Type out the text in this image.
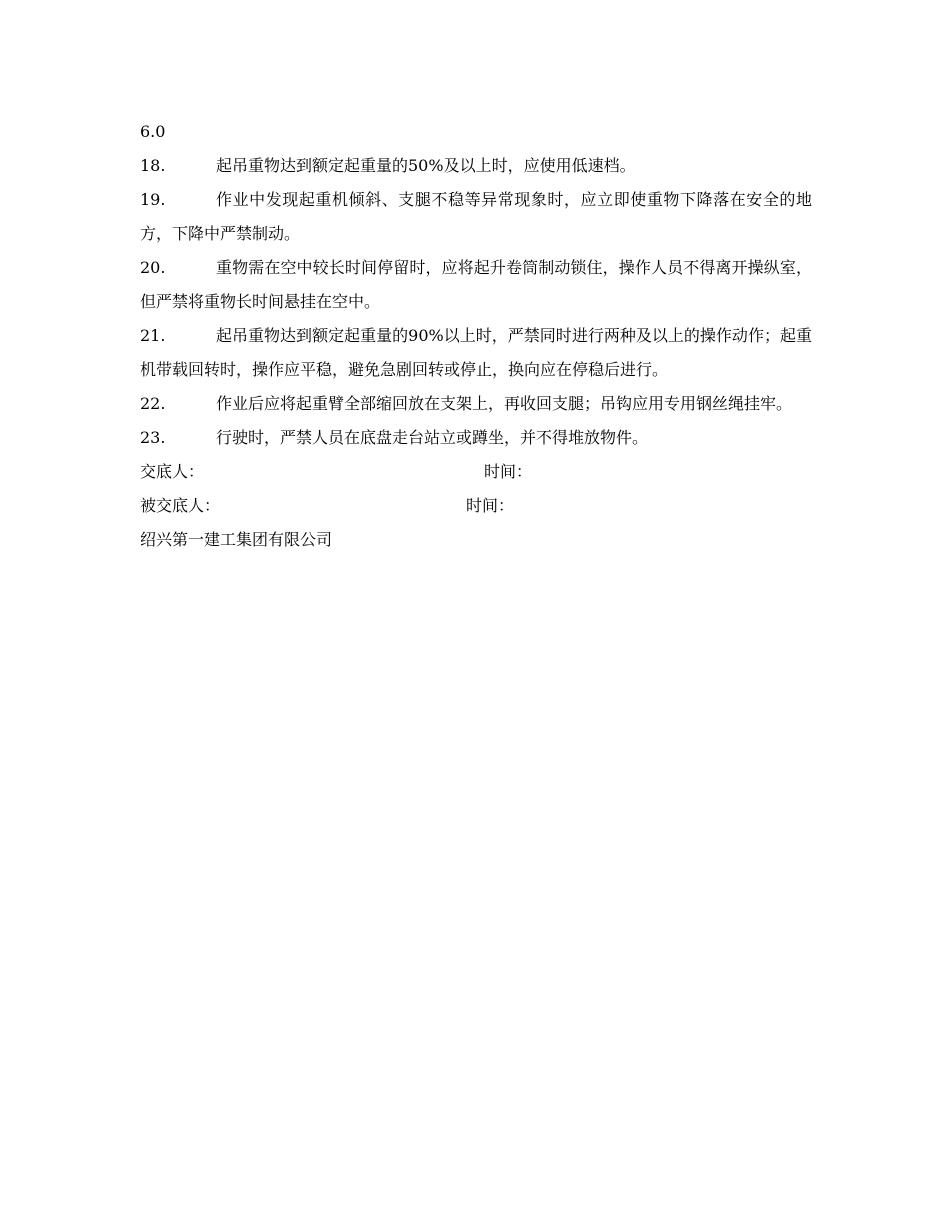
6.0
18.	起吊重物达到额定起重量的50%及以上时，应使用低速档。
19.	作业中发现起重机倾斜、支腿不稳等异常现象时，应立即使重物下降落在安全的地方，下降中严禁制动。
20.	重物需在空中较长时间停留时，应将起升卷筒制动锁住，操作人员不得离开操纵室，但严禁将重物长时间悬挂在空中。
21.	起吊重物达到额定起重量的90%以上时，严禁同时进行两种及以上的操作动作；起重机带载回转时，操作应平稳，避免急剧回转或停止，换向应在停稳后进行。
22.	作业后应将起重臂全部缩回放在支架上，再收回支腿；吊钩应用专用钢丝绳挂牢。
23.	行驶时，严禁人员在底盘走台站立或蹲坐，并不得堆放物件。
交底人：	时间：
被交底人：	时间：
绍兴第一建工集团有限公司
